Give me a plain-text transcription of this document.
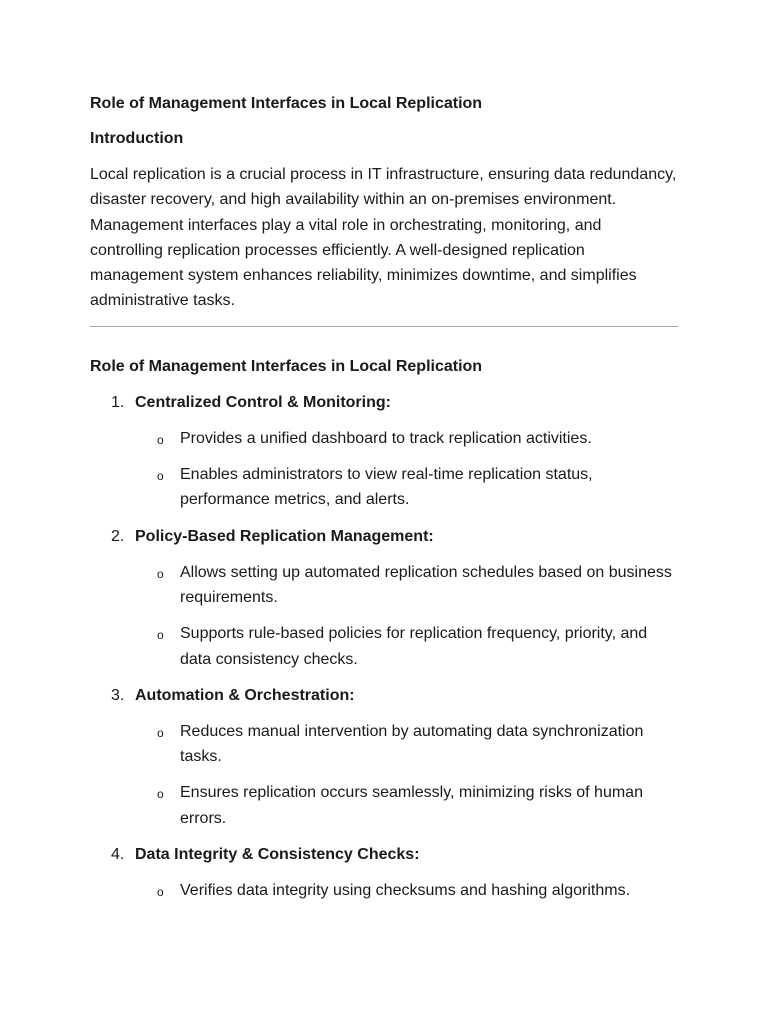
Role of Management Interfaces in Local Replication

Introduction

Local replication is a crucial process in IT infrastructure, ensuring data redundancy, disaster recovery, and high availability within an on-premises environment. Management interfaces play a vital role in orchestrating, monitoring, and controlling replication processes efficiently. A well-designed replication management system enhances reliability, minimizes downtime, and simplifies administrative tasks.

Role of Management Interfaces in Local Replication

1. Centralized Control & Monitoring:
o Provides a unified dashboard to track replication activities.
o Enables administrators to view real-time replication status, performance metrics, and alerts.
2. Policy-Based Replication Management:
o Allows setting up automated replication schedules based on business requirements.
o Supports rule-based policies for replication frequency, priority, and data consistency checks.
3. Automation & Orchestration:
o Reduces manual intervention by automating data synchronization tasks.
o Ensures replication occurs seamlessly, minimizing risks of human errors.
4. Data Integrity & Consistency Checks:
o Verifies data integrity using checksums and hashing algorithms.
